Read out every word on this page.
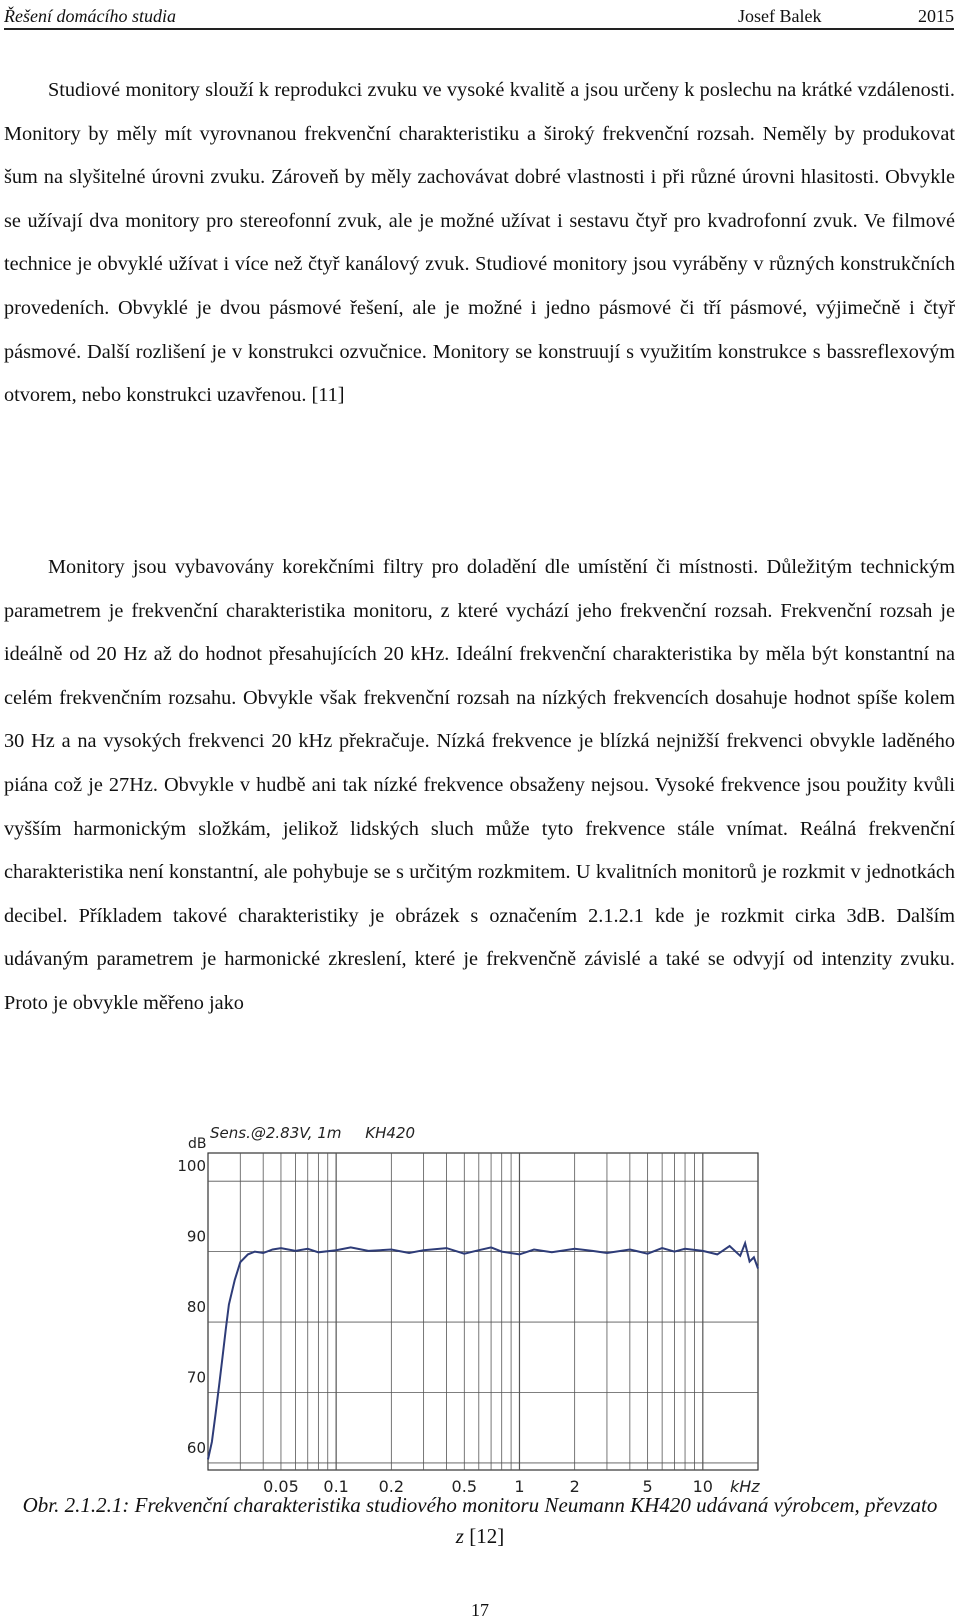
Řešení domácího studia	Josef Balek	2015

Studiové monitory slouží k reprodukci zvuku ve vysoké kvalitě a jsou určeny k poslechu na krátké vzdálenosti. Monitory by měly mít vyrovnanou frekvenční charakteristiku a široký frekvenční rozsah. Neměly by produkovat šum na slyšitelné úrovni zvuku. Zároveň by měly zachovávat dobré vlastnosti i při různé úrovni hlasitosti. Obvykle se užívají dva monitory pro stereofonní zvuk, ale je možné užívat i sestavu čtyř pro kvadrofonní zvuk. Ve filmové technice je obvyklé užívat i více než čtyř kanálový zvuk. Studiové monitory jsou vyráběny v různých konstrukčních provedeních. Obvyklé je dvou pásmové řešení, ale je možné i jedno pásmové či tří pásmové, výjimečně i čtyř pásmové. Další rozlišení je v konstrukci ozvučnice. Monitory se konstruují s využitím konstrukce s bassreflexovým otvorem, nebo konstrukci uzavřenou. [11]

Monitory jsou vybavovány korekčními filtry pro doladění dle umístění či místnosti. Důležitým technickým parametrem je frekvenční charakteristika monitoru, z které vychází jeho frekvenční rozsah. Frekvenční rozsah je ideálně od 20 Hz až do hodnot přesahujících 20 kHz. Ideální frekvenční charakteristika by měla být konstantní na celém frekvenčním rozsahu. Obvykle však frekvenční rozsah na nízkých frekvencích dosahuje hodnot spíše kolem 30 Hz a na vysokých frekvenci 20 kHz překračuje. Nízká frekvence je blízká nejnižší frekvenci obvykle laděného piána což je 27Hz. Obvykle v hudbě ani tak nízké frekvence obsaženy nejsou. Vysoké frekvence jsou použity kvůli vyšším harmonickým složkám, jelikož lidských sluch může tyto frekvence stále vnímat. Reálná frekvenční charakteristika není konstantní, ale pohybuje se s určitým rozkmitem. U kvalitních monitorů je rozkmit v jednotkách decibel. Příkladem takové charakteristiky je obrázek s označením 2.1.2.1 kde je rozkmit cirka 3dB. Dalším udávaným parametrem je harmonické zkreslení, které je frekvenčně závislé a také se odvyjí od intenzity zvuku. Proto je obvykle měřeno jako

Sens.@2.83V, 1m     KH420
dB
100
90
80
70
60
0.05 0.1 0.2	0.5 1	2	5 10 kHz
Obr. 2.1.2.1: Frekvenční charakteristika studiového monitoru Neumann KH420 udávaná výrobcem, převzato z [12]
17
